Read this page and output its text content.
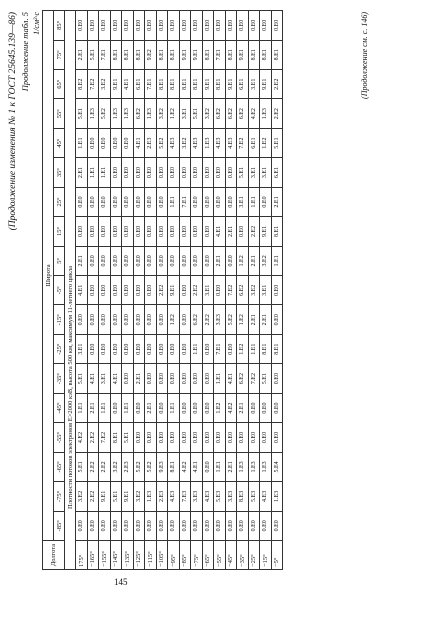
(Продолжение изменения № 1 к ГОСТ 25645.139—86) Продолжение табл. 5 1/см²·с
Долгота	Широта																	
	-85°	-75°	-65°	-55°	-45°	-35°	-25°	-15°	-5°	5°	15°	25°	35°	45°	55°	65°	75°	85°
Плотности потоков электронов E>2000 кэВ, высота 500 км, максимум 11-летнего цикла																		
175°	0.E0	3.E2	5.E1	4.E2	1.E1	5.E1	3.E1	0.E0	4.E1	2.E1	0.E0	0.E0	2.E1	1.E1	5.E1	8.E2	2.E1	0.E0
−165°	0.E0	2.E2	2.E2	2.E2	2.E1	4.E1	0.E0	0.E0	0.E0	0.E0	0.E0	0.E0	1.E1	0.E0	1.E3	7.E2	5.E1	0.E0
−155°	0.E0	9.E1	2.E2	7.E2	1.E1	3.E1	0.E0	0.E0	0.E0	0.E0	0.E0	0.E0	1.E1	0.E0	5.E2	3.E2	7.E1	0.E0
−145°	0.E0	5.E1	3.E2	8.E1	0.E0	4.E1	0.E0	0.E0	0.E0	0.E0	0.E0	0.E0	0.E0	0.E0	1.E3	9.E1	8.E1	0.E0
−135°	0.E0	9.E1	2.E3	5.E1	1.E1	0.E0	0.E0	0.E0	0.E0	0.E0	0.E0	0.E0	0.E0	0.E0	1.E3	4.E1	8.E1	0.E0
−125°	0.E0	3.E2	5.E2	0.E0	0.E0	2.E1	0.E0	0.E0	0.E0	0.E0	0.E0	0.E0	0.E0	4.E1	6.E2	6.E1	8.E1	0.E0
−115°	0.E0	1.E3	5.E2	0.E0	2.E1	0.E0	0.E0	0.E0	0.E0	0.E0	0.E0	0.E0	0.E0	2.E3	1.E3	7.E1	9.E2	0.E0
−105°	0.E0	2.E3	9.E3	0.E0	0.E0	0.E0	0.E0	0.E0	2.E2	0.E0	0.E0	0.E0	0.E0	5.E2	3.E2	8.E1	8.E1	0.E0
−95°	0.E0	4.E3	8.E1	0.E0	1.E1	0.E0	0.E0	1.E2	9.E1	0.E0	0.E0	1.E1	0.E0	4.E3	1.E2	8.E1	8.E1	0.E0
−85°	0.E0	7.E3	4.E2	0.E0	0.E0	0.E0	0.E0	0.E0	0.E0	0.E0	0.E0	7.E1	0.E0	3.E2	3.E1	8.E1	9.E1	0.E0
−75°	0.E0	3.E3	4.E1	0.E0	0.E0	0.E0	1.E1	6.E2	2.E2	0.E0	0.E0	0.E0	0.E0	4.E3	5.E1	8.E1	9.E1	0.E0
−65°	0.E0	4.E3	0.E0	0.E0	0.E0	0.E0	0.E0	2.E2	3.E1	0.E0	0.E0	0.E0	0.E0	1.E3	3.E2	9.E1	8.E1	0.E0
−55°	0.E0	5.E3	1.E1	0.E0	1.E2	1.E1	7.E1	3.E3	0.E0	2.E1	4.E1	0.E0	0.E0	4.E3	6.E2	8.E1	7.E1	0.E0
−45°	0.E0	3.E3	2.E1	0.E0	4.E2	4.E1	0.E0	5.E2	7.E2	0.E0	2.E1	0.E0	0.E0	4.E3	6.E2	9.E1	8.E1	0.E0
−35°	0.E0	8.E3	1.E3	0.E0	2.E1	6.E2	1.E2	1.E2	6.E2	1.E2	0.E0	3.E1	5.E1	7.E2	6.E2	6.E1	9.E1	0.E0
−25°	0.E0	5.E3	1.E3	0.E0	0.E0	7.E2	1.E1	2.E1	3.E2	2.E1	2.E2	1.E1	3.E1	6.E1	4.E2	3.E1	8.E1	0.E0
−15°	0.E0	4.E3	1.E3	0.E0	0.E0	5.E1	8.E1	2.E1	3.E1	3.E2	9.E1	0.E0	3.E1	1.E2	1.E3	9.E1	8.E1	0.E0
−5°	0.E0	1.E3	5.E4	0.E0	0.E0	0.E0	8.E1	0.E0	0.E0	1.E1	8.E1	2.E1	6.E1	5.E1	2.E2	2.E2	8.E1	0.E0	(Продолжение см. с. 146)
145
